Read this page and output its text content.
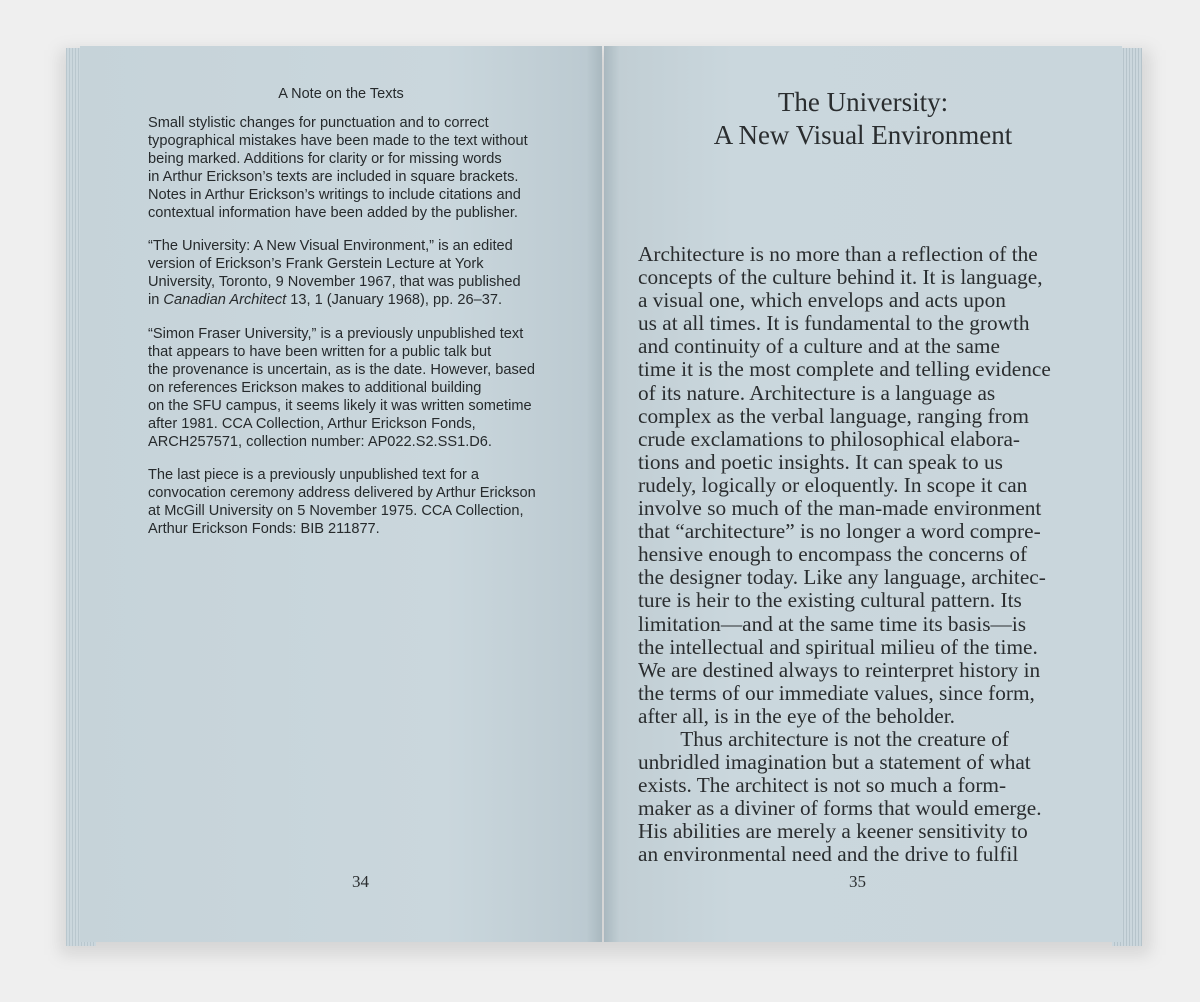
A Note on the Texts

Small stylistic changes for punctuation and to correct
typographical mistakes have been made to the text without
being marked. Additions for clarity or for missing words
in Arthur Erickson’s texts are included in square brackets.
Notes in Arthur Erickson’s writings to include citations and
contextual information have been added by the publisher.

“The University: A New Visual Environment,” is an edited
version of Erickson’s Frank Gerstein Lecture at York
University, Toronto, 9 November 1967, that was published
in Canadian Architect 13, 1 (January 1968), pp. 26–37.

“Simon Fraser University,” is a previously unpublished text
that appears to have been written for a public talk but
the provenance is uncertain, as is the date. However, based
on references Erickson makes to additional building
on the SFU campus, it seems likely it was written sometime
after 1981. CCA Collection, Arthur Erickson Fonds,
ARCH257571, collection number: AP022.S2.SS1.D6.

The last piece is a previously unpublished text for a
convocation ceremony address delivered by Arthur Erickson
at McGill University on 5 November 1975. CCA Collection,
Arthur Erickson Fonds: BIB 211877.

34
The University:
A New Visual Environment
Architecture is no more than a reflection of the
concepts of the culture behind it. It is language,
a visual one, which envelops and acts upon
us at all times. It is fundamental to the growth
and continuity of a culture and at the same
time it is the most complete and telling evidence
of its nature. Architecture is a language as
complex as the verbal language, ranging from
crude exclamations to philosophical elabora-
tions and poetic insights. It can speak to us
rudely, logically or eloquently. In scope it can
involve so much of the man-made environment
that “architecture” is no longer a word compre-
hensive enough to encompass the concerns of
the designer today. Like any language, architec-
ture is heir to the existing cultural pattern. Its
limitation—and at the same time its basis—is
the intellectual and spiritual milieu of the time.
We are destined always to reinterpret history in
the terms of our immediate values, since form,
after all, is in the eye of the beholder.
Thus architecture is not the creature of
unbridled imagination but a statement of what
exists. The architect is not so much a form-
maker as a diviner of forms that would emerge.
His abilities are merely a keener sensitivity to
an environmental need and the drive to fulfil
35
